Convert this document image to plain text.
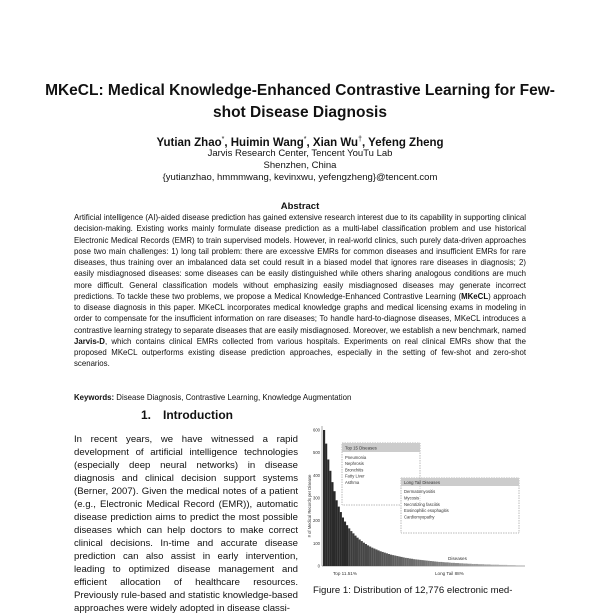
MKeCL: Medical Knowledge-Enhanced Contrastive Learning for Few-shot Disease Diagnosis
Yutian Zhao*, Huimin Wang*, Xian Wu†, Yefeng Zheng
Jarvis Research Center, Tencent YouTu Lab
Shenzhen, China
{yutianzhao, hmmmwang, kevinxwu, yefengzheng}@tencent.com
Abstract

Artificial intelligence (AI)-aided disease prediction has gained extensive research interest due to its capability in supporting clinical decision-making. Existing works mainly formulate disease prediction as a multi-label classification problem and use historical Electronic Medical Records (EMR) to train supervised models. However, in real-world clinics, such purely data-driven approaches pose two main challenges: 1) long tail problem: there are excessive EMRs for common diseases and insufficient EMRs for rare diseases, thus training over an imbalanced data set could result in a biased model that ignores rare diseases in diagnosis; 2) easily misdiagnosed diseases: some diseases can be easily distinguished while others sharing analogous conditions are much more difficult. General classification models without emphasizing easily misdiagnosed diseases may generate incorrect predictions. To tackle these two problems, we propose a Medical Knowledge-Enhanced Contrastive Learning (MKeCL) approach to disease diagnosis in this paper. MKeCL incorporates medical knowledge graphs and medical licensing exams in modeling in order to compensate for the insufficient information on rare diseases; To handle hard-to-diagnose diseases, MKeCL introduces a contrastive learning strategy to separate diseases that are easily misdiagnosed. Moreover, we establish a new benchmark, named Jarvis-D, which contains clinical EMRs collected from various hospitals. Experiments on real clinical EMRs show that the proposed MKeCL outperforms existing disease prediction approaches, especially in the setting of few-shot and zero-shot scenarios.

Keywords: Disease Diagnosis, Contrastive Learning, Knowledge Augmentation
1. Introduction

In recent years, we have witnessed a rapid development of artificial intelligence technologies (especially deep neural networks) in disease diagnosis and clinical decision support systems (Berner, 2007). Given the medical notes of a patient (e.g., Electronic Medical Record (EMR)), automatic disease prediction aims to predict the most possible diseases which can help doctors to make correct clinical decisions. In-time and accurate disease prediction can also assist in early intervention, leading to optimized disease management and efficient allocation of healthcare resources. Previously rule-based and statistic knowledge-based approaches were widely adopted in disease classi-

# of Medical Records per Disease
0
100
200
300
400
500
600
Diseases
Top 11.51%	Long Tail 88%
Top 15 Diseases
Pneumonia
Nephrosis
Bronchitis
Fatty Liver
Asthma	Long Tail Diseases
Dermatomyositis
Mycosis
Necrotizing fasciitis
Eosinophilic esophagitis
Cardiomyopathy
Figure 1: Distribution of 12,776 electronic med-
